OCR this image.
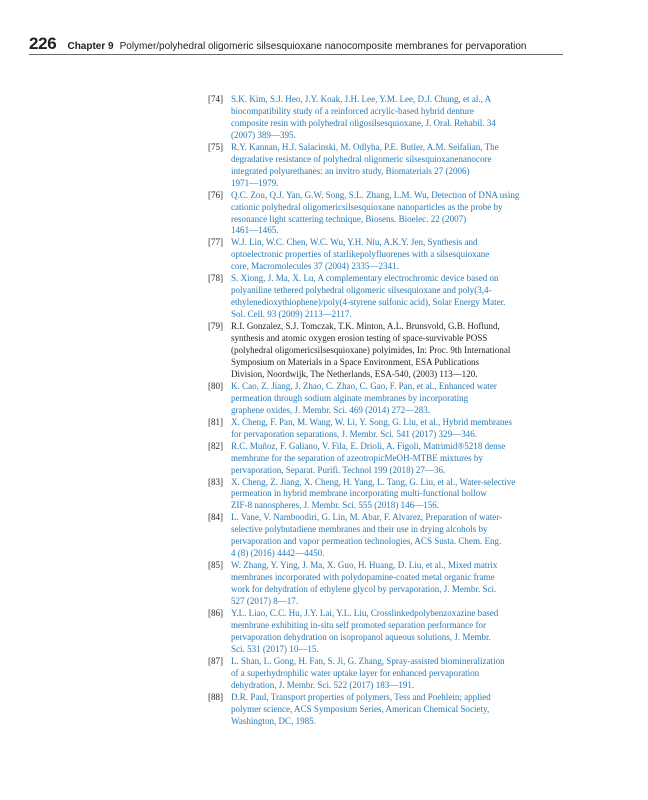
226 Chapter 9 Polymer/polyhedral oligomeric silsesquioxane nanocomposite membranes for pervaporation
[74] S.K. Kim, S.J. Heo, J.Y. Koak, J.H. Lee, Y.M. Lee, D.J. Chung, et al., A
biocompatibility study of a reinforced acrylic-based hybrid denture
composite resin with polyhedral oligosilsesquioxane, J. Oral. Rehabil. 34
(2007) 389—395.
[75] R.Y. Kannan, H.J. Salacinski, M. Odlyha, P.E. Butler, A.M. Seifalian, The
degradative resistance of polyhedral oligomeric silsesquioxanenanocore
integrated polyurethanes: an invitro study, Biomaterials 27 (2006)
1971—1979.
[76] Q.C. Zou, Q.J. Yan, G.W. Song, S.L. Zhang, L.M. Wu, Detection of DNA using
cationic polyhedral oligomericsilsesquioxane nanoparticles as the probe by
resonance light scattering technique, Biosens. Bioelec. 22 (2007)
1461—1465.
[77] W.J. Lin, W.C. Chen, W.C. Wu, Y.H. Niu, A.K.Y. Jen, Synthesis and
optoelectronic properties of starlikepolyfluorenes with a silsesquioxane
core, Macromolecules 37 (2004) 2335—2341.
[78] S. Xiong, J. Ma, X. Lu, A complementary electrochromic device based on
polyaniline tethered polyhedral oligomeric silsesquioxane and poly(3,4-
ethylenedioxythiophene)/poly(4-styrene sulfonic acid), Solar Energy Mater.
Sol. Cell. 93 (2009) 2113—2117.
[79] R.I. Gonzalez, S.J. Tomczak, T.K. Minton, A.L. Brunsvold, G.B. Hoflund,
synthesis and atomic oxygen erosion testing of space-survivable POSS
(polyhedral oligomericsilsesquioxane) polyimides, In: Proc. 9th International
Symposium on Materials in a Space Environment, ESA Publications
Division, Noordwijk, The Netherlands, ESA-540, (2003) 113—120.
[80] K. Cao, Z. Jiang, J. Zhao, C. Zhao, C. Gao, F. Pan, et al., Enhanced water
permeation through sodium alginate membranes by incorporating
graphene oxides, J. Membr. Sci. 469 (2014) 272—283.
[81] X. Cheng, F. Pan, M. Wang, W. Li, Y. Song, G. Liu, et al., Hybrid membranes
for pervaporation separations, J. Membr. Sci. 541 (2017) 329—346.
[82] R.C. Muñoz, F. Galiano, V. Fila, E. Drioli, A. Figoli, Matrimid®5218 dense
membrane for the separation of azeotropicMeOH-MTBE mixtures by
pervaporation, Separat. Purifi. Technol 199 (2018) 27—36.
[83] X. Cheng, Z. Jiang, X. Cheng, H. Yang, L. Tang, G. Liu, et al., Water-selective
permeation in hybrid membrane incorporating multi-functional hollow
ZIF-8 nanospheres, J. Membr. Sci. 555 (2018) 146—156.
[84] L. Vane, V. Namboodiri, G. Lin, M. Abar, F. Alvarez, Preparation of water-
selective polybutadiene membranes and their use in drying alcohols by
pervaporation and vapor permeation technologies, ACS Susta. Chem. Eng.
4 (8) (2016) 4442—4450.
[85] W. Zhang, Y. Ying, J. Ma, X. Guo, H. Huang, D. Liu, et al., Mixed matrix
membranes incorporated with polydopamine-coated metal organic frame
work for dehydration of ethylene glycol by pervaporation, J. Membr. Sci.
527 (2017) 8—17.
[86] Y.L. Liao, C.C. Hu, J.Y. Lai, Y.L. Liu, Crosslinkedpolybenzoxazine based
membrane exhibiting in-situ self promoted separation performance for
pervaporation dehydration on isopropanol aqueous solutions, J. Membr.
Sci. 531 (2017) 10—15.
[87] L. Shan, L. Gong, H. Fan, S. Ji, G. Zhang, Spray-assisted biomineralization
of a superhydrophilic water uptake layer for enhanced pervaporation
dehydration, J. Membr. Sci. 522 (2017) 183—191.
[88] D.R. Paul, Transport properties of polymers, Tess and Poehlein; applied
polymer science, ACS Symposium Series, American Chemical Society,
Washington, DC, 1985.
